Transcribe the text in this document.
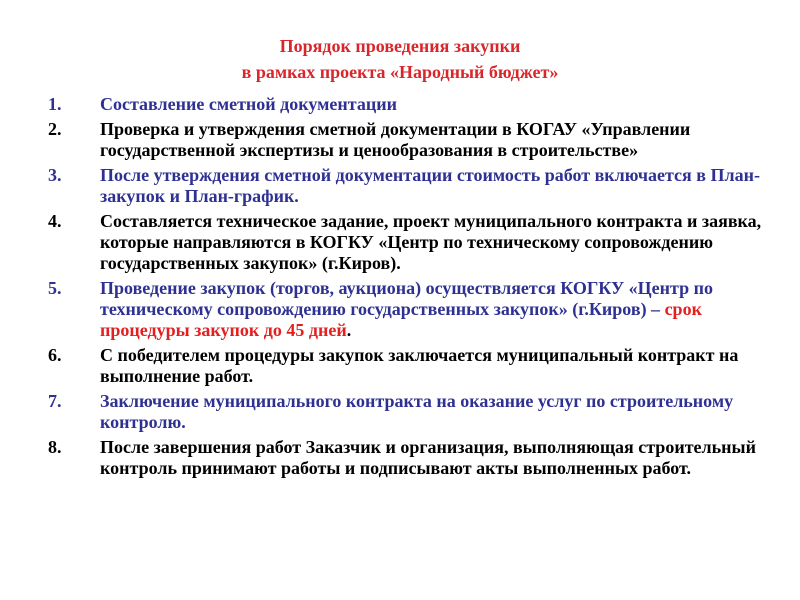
Порядок проведения закупки
в рамках проекта «Народный бюджет»
1.	Составление сметной документации
2.	Проверка и утверждения сметной документации в КОГАУ «Управлении государственной экспертизы и ценообразования в строительстве»
3.	После утверждения сметной документации стоимость работ включается в План-закупок и План-график.
4.	Составляется техническое задание, проект муниципального контракта и заявка, которые направляются в КОГКУ «Центр по техническому сопровождению государственных закупок» (г.Киров).
5.	Проведение закупок (торгов, аукциона) осуществляется КОГКУ «Центр по техническому сопровождению государственных закупок» (г.Киров) – срок процедуры закупок до 45 дней.
6.	С победителем процедуры закупок заключается муниципальный контракт на выполнение работ.
7.	Заключение муниципального контракта на оказание услуг по строительному контролю.
8.	После завершения работ Заказчик и организация, выполняющая строительный контроль принимают работы и подписывают акты выполненных работ.
